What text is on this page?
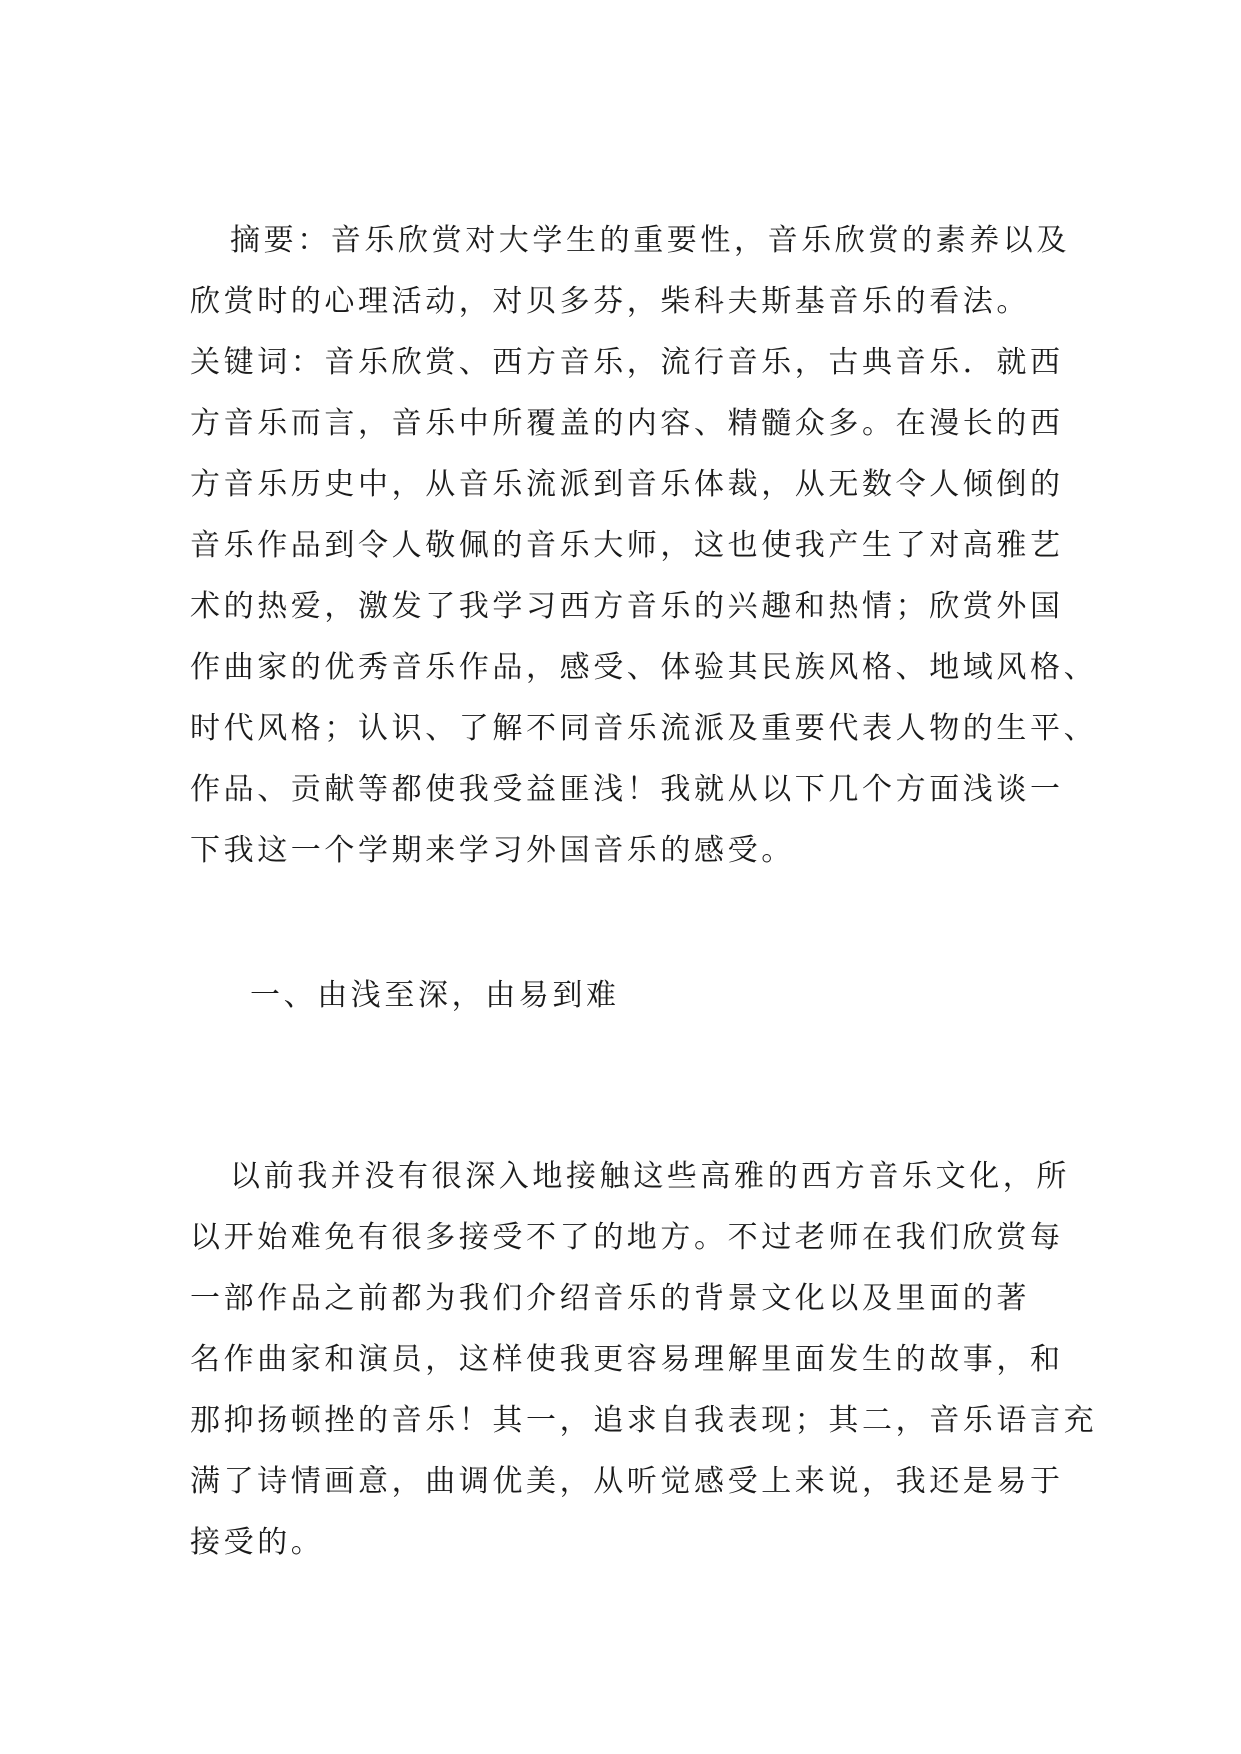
摘要：音乐欣赏对大学生的重要性，音乐欣赏的素养以及
欣赏时的心理活动，对贝多芬，柴科夫斯基音乐的看法。
关键词：音乐欣赏、西方音乐，流行音乐，古典音乐．就西
方音乐而言，音乐中所覆盖的内容、精髓众多。在漫长的西
方音乐历史中，从音乐流派到音乐体裁，从无数令人倾倒的
音乐作品到令人敬佩的音乐大师，这也使我产生了对高雅艺
术的热爱，激发了我学习西方音乐的兴趣和热情；欣赏外国
作曲家的优秀音乐作品，感受、体验其民族风格、地域风格、
时代风格；认识、了解不同音乐流派及重要代表人物的生平、
作品、贡献等都使我受益匪浅！我就从以下几个方面浅谈一
下我这一个学期来学习外国音乐的感受。
一、由浅至深，由易到难
以前我并没有很深入地接触这些高雅的西方音乐文化，所
以开始难免有很多接受不了的地方。不过老师在我们欣赏每
一部作品之前都为我们介绍音乐的背景文化以及里面的著
名作曲家和演员，这样使我更容易理解里面发生的故事，和
那抑扬顿挫的音乐！其一，追求自我表现；其二，音乐语言充
满了诗情画意，曲调优美，从听觉感受上来说，我还是易于
接受的。
